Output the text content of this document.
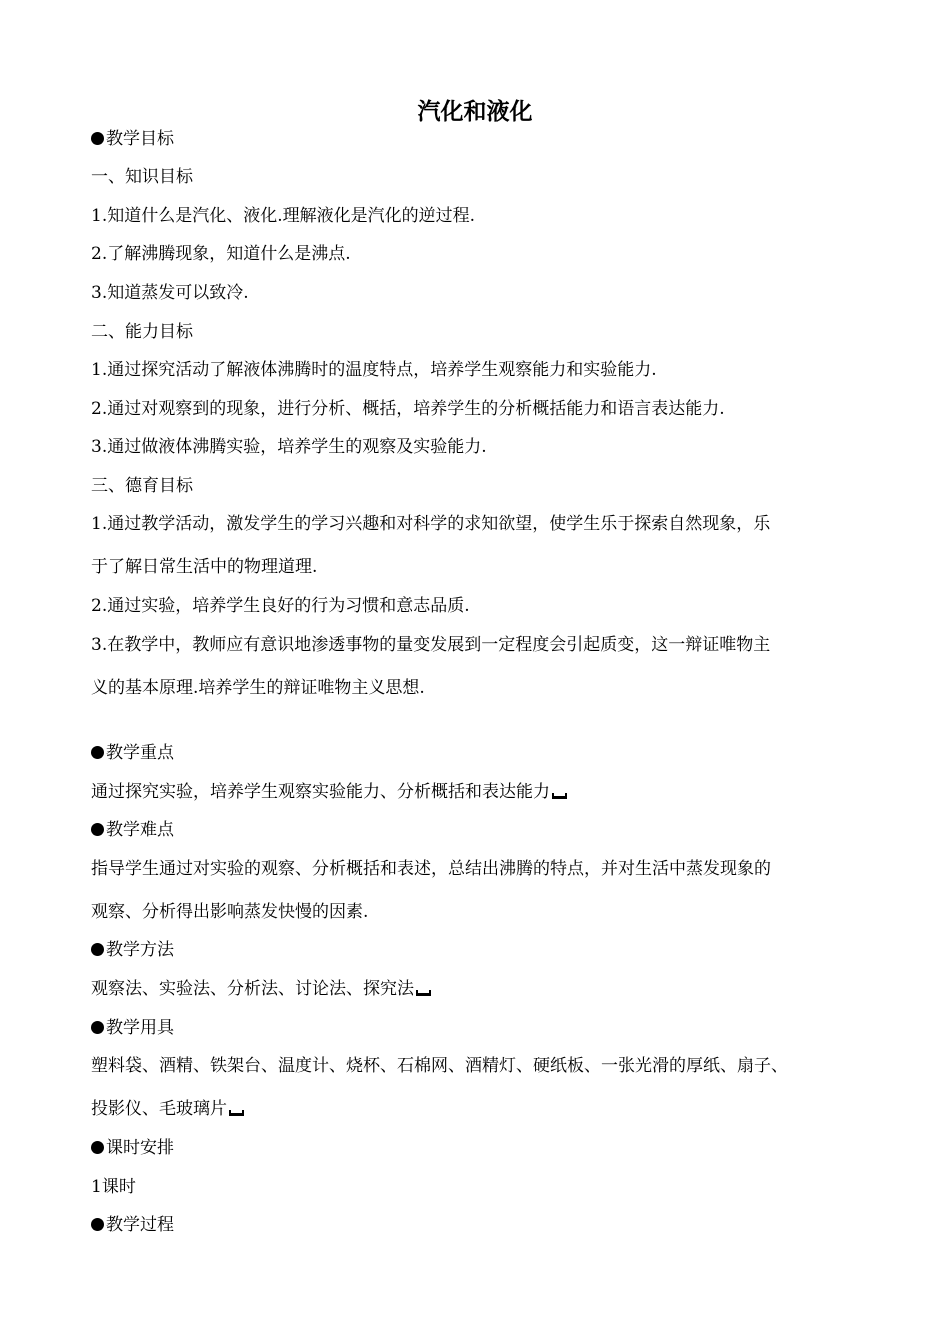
汽化和液化
教学目标
一、知识目标
1.知道什么是汽化、液化.理解液化是汽化的逆过程.
2.了解沸腾现象，知道什么是沸点.
3.知道蒸发可以致冷.
二、能力目标
1.通过探究活动了解液体沸腾时的温度特点，培养学生观察能力和实验能力.
2.通过对观察到的现象，进行分析、概括，培养学生的分析概括能力和语言表达能力.
3.通过做液体沸腾实验，培养学生的观察及实验能力.
三、德育目标
1.通过教学活动，激发学生的学习兴趣和对科学的求知欲望，使学生乐于探索自然现象，乐
于了解日常生活中的物理道理.
2.通过实验，培养学生良好的行为习惯和意志品质.
3.在教学中，教师应有意识地渗透事物的量变发展到一定程度会引起质变，这一辩证唯物主
义的基本原理.培养学生的辩证唯物主义思想.
教学重点
通过探究实验，培养学生观察实验能力、分析概括和表达能力
教学难点
指导学生通过对实验的观察、分析概括和表述，总结出沸腾的特点，并对生活中蒸发现象的
观察、分析得出影响蒸发快慢的因素.
教学方法
观察法、实验法、分析法、讨论法、探究法
教学用具
塑料袋、酒精、铁架台、温度计、烧杯、石棉网、酒精灯、硬纸板、一张光滑的厚纸、扇子、
投影仪、毛玻璃片
课时安排
1课时
教学过程
